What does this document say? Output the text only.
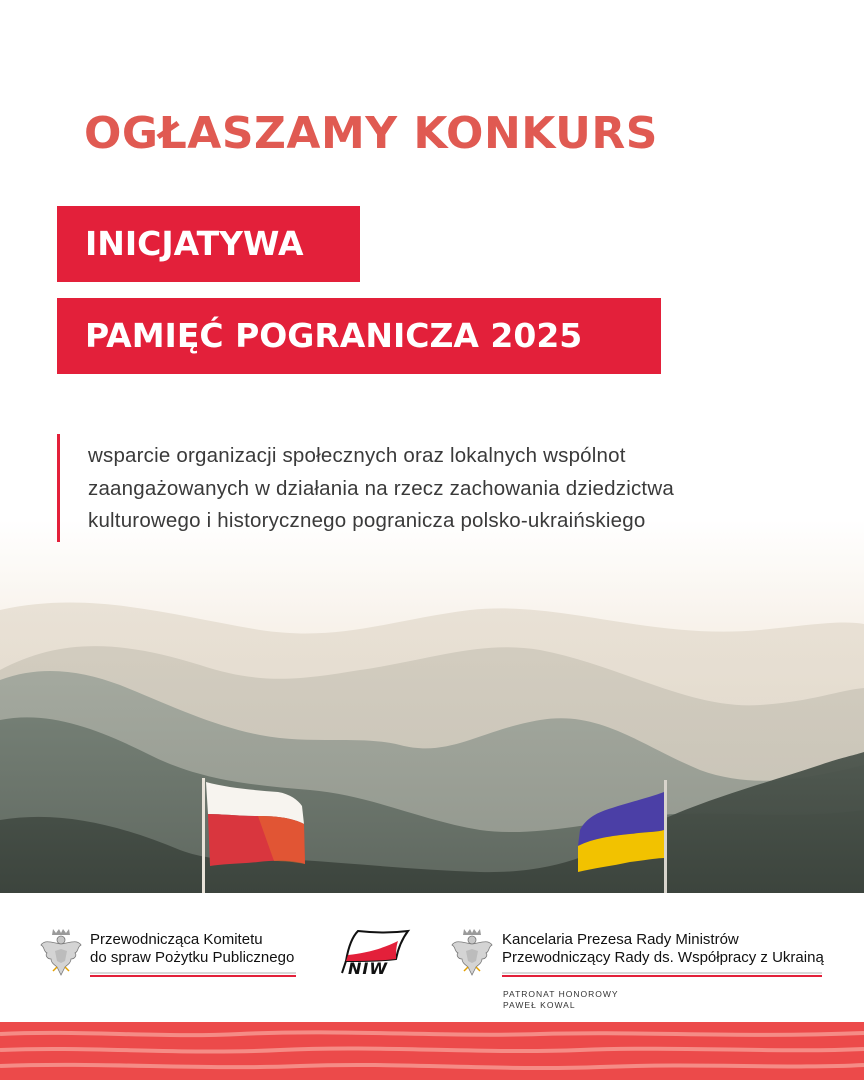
OGŁASZAMY KONKURS
INICJATYWA
PAMIĘĆ POGRANICZA 2025
wsparcie organizacji społecznych oraz lokalnych wspólnot
zaangażowanych w działania na rzecz zachowania dziedzictwa
kulturowego i historycznego pogranicza polsko-ukraińskiego
Przewodnicząca Komitetu
do spraw Pożytku Publicznego
NIW
Kancelaria Prezesa Rady Ministrów
Przewodniczący Rady ds. Współpracy z Ukrainą
PATRONAT HONOROWY
PAWEŁ KOWAL
